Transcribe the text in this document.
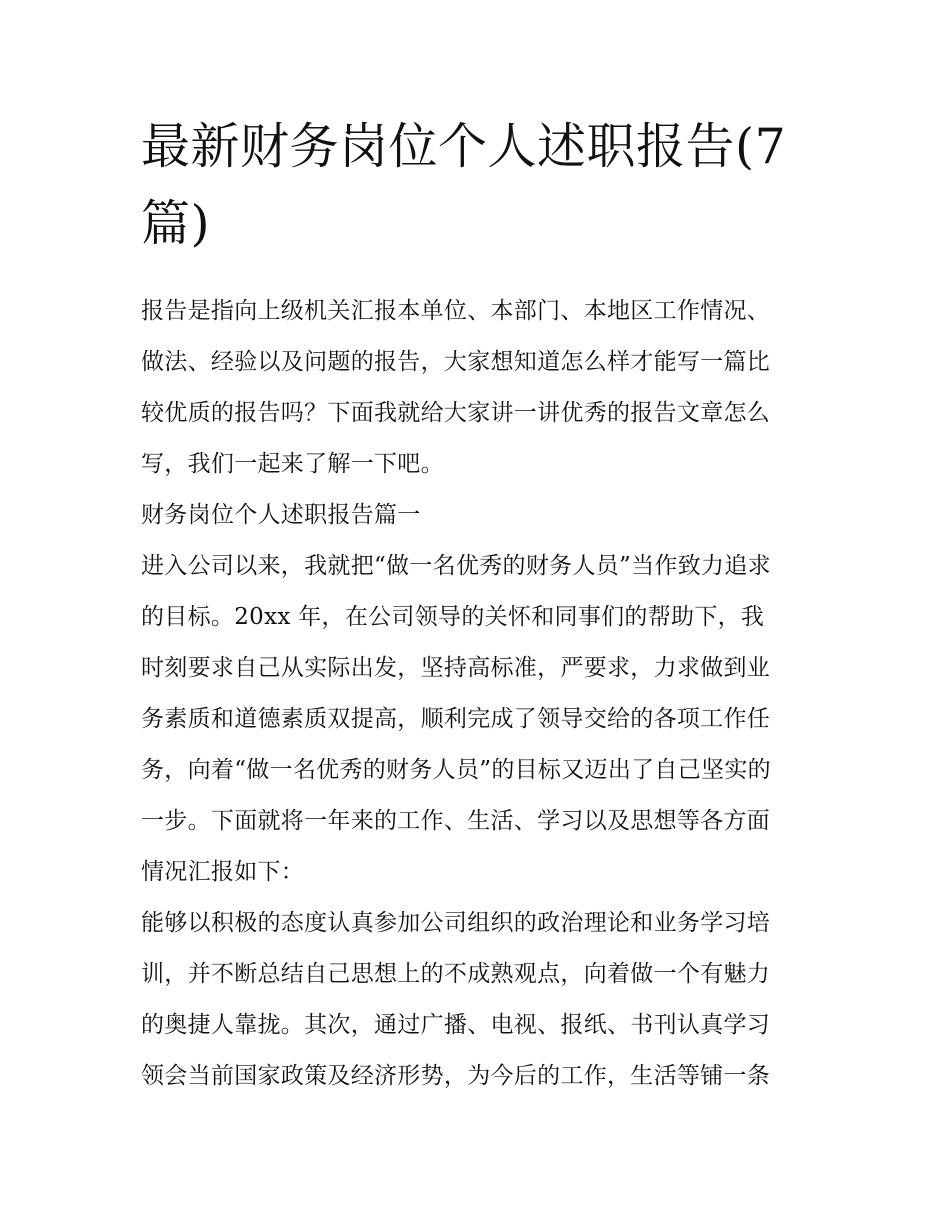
最新财务岗位个人述职报告(7
篇)
报告是指向上级机关汇报本单位、本部门、本地区工作情况、
做法、经验以及问题的报告，大家想知道怎么样才能写一篇比
较优质的报告吗？下面我就给大家讲一讲优秀的报告文章怎么
写，我们一起来了解一下吧。
财务岗位个人述职报告篇一
进入公司以来，我就把“做一名优秀的财务人员”当作致力追求
的目标。20xx 年，在公司领导的关怀和同事们的帮助下，我
时刻要求自己从实际出发，坚持高标准，严要求，力求做到业
务素质和道德素质双提高，顺利完成了领导交给的各项工作任
务，向着“做一名优秀的财务人员”的目标又迈出了自己坚实的
一步。下面就将一年来的工作、生活、学习以及思想等各方面
情况汇报如下：
能够以积极的态度认真参加公司组织的政治理论和业务学习培
训，并不断总结自己思想上的不成熟观点，向着做一个有魅力
的奥捷人靠拢。其次，通过广播、电视、报纸、书刊认真学习
领会当前国家政策及经济形势，为今后的工作，生活等铺一条
